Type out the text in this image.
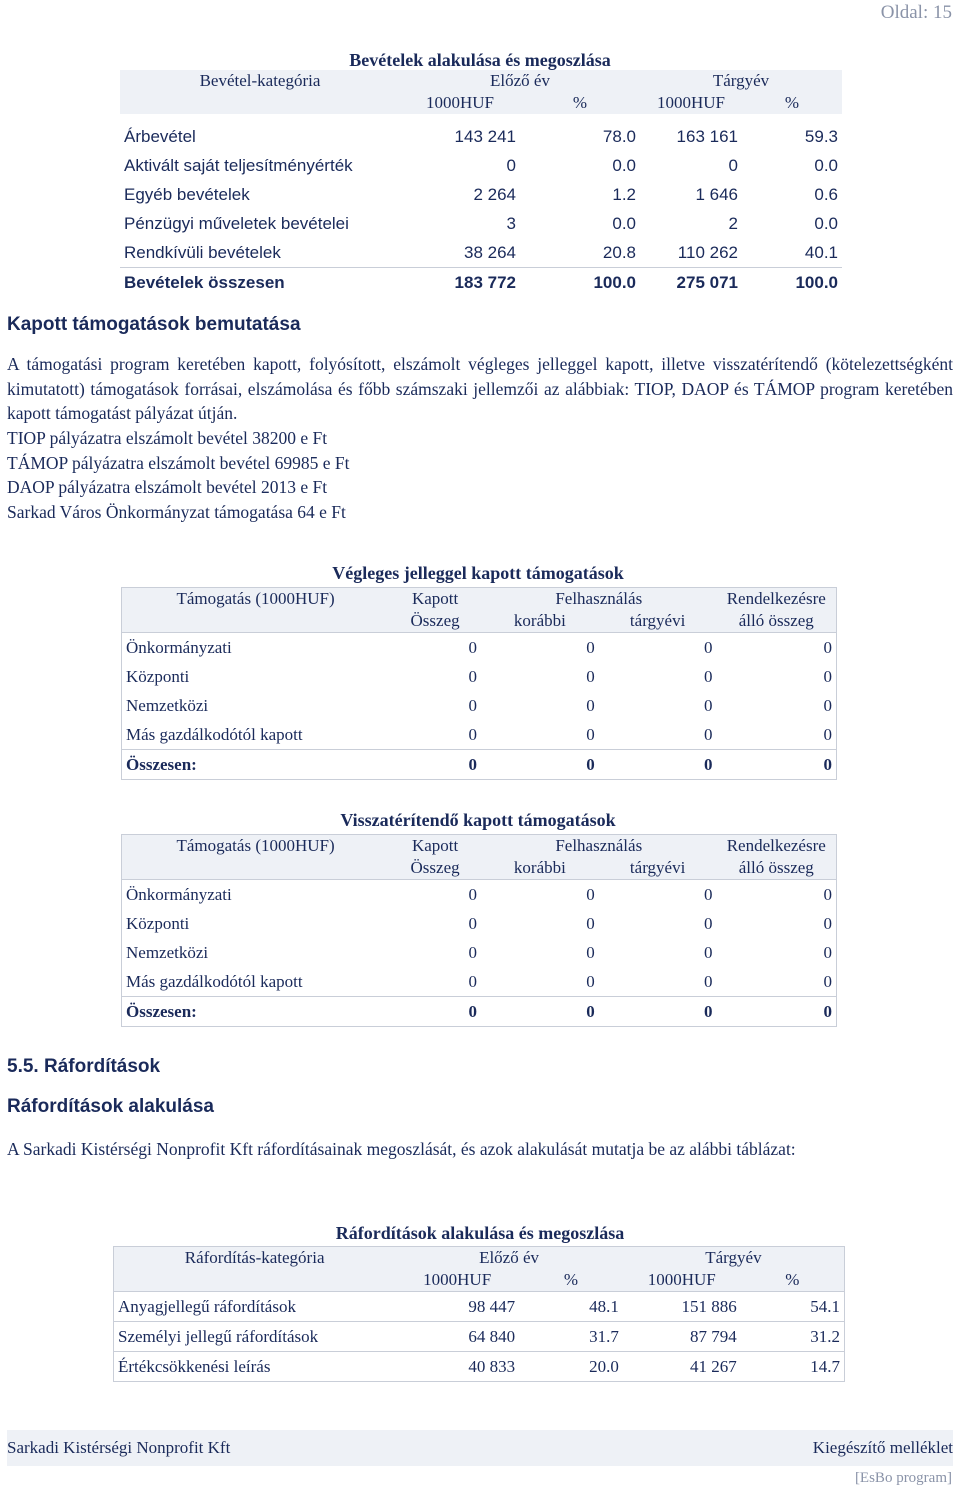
Oldal: 15
Bevételek alakulása és megoszlása
Bevétel-kategória	Előző év		Tárgyév	
	1000HUF	%	1000HUF	%

Árbevétel	143 241	78.0	163 161	59.3
Aktivált saját teljesítményérték	0	0.0	0	0.0
Egyéb bevételek	2 264	1.2	1 646	0.6
Pénzügyi műveletek bevételei	3	0.0	2	0.0
Rendkívüli bevételek	38 264	20.8	110 262	40.1
Bevételek összesen	183 772	100.0	275 071	100.0
Kapott támogatások bemutatása
A támogatási program keretében kapott, folyósított, elszámolt végleges jelleggel kapott, illetve visszatérítendő (kötelezettségként kimutatott) támogatások forrásai, elszámolása és főbb számszaki jellemzői az alábbiak: TIOP, DAOP és TÁMOP program keretében kapott támogatást pályázat útján.
TIOP pályázatra elszámolt bevétel 38200 e Ft
TÁMOP pályázatra elszámolt bevétel 69985 e Ft
DAOP pályázatra elszámolt bevétel 2013 e Ft
Sarkad Város Önkormányzat támogatása 64 e Ft
Végleges jelleggel kapott támogatások
Támogatás (1000HUF)	Kapott	Felhasználás		Rendelkezésre
	Összeg	korábbi	tárgyévi	álló összeg
Önkormányzati	0	0	0	0
Központi	0	0	0	0
Nemzetközi	0	0	0	0
Más gazdálkodótól kapott	0	0	0	0
Összesen:	0	0	0	0
Visszatérítendő kapott támogatások
Támogatás (1000HUF)	Kapott	Felhasználás		Rendelkezésre
	Összeg	korábbi	tárgyévi	álló összeg
Önkormányzati	0	0	0	0
Központi	0	0	0	0
Nemzetközi	0	0	0	0
Más gazdálkodótól kapott	0	0	0	0
Összesen:	0	0	0	0
5.5. Ráfordítások
Ráfordítások alakulása
A Sarkadi Kistérségi Nonprofit Kft ráfordításainak megoszlását, és azok alakulását mutatja be az alábbi táblázat:
Ráfordítások alakulása és megoszlása
Ráfordítás-kategória	Előző év		Tárgyév	
	1000HUF	%	1000HUF	%
Anyagjellegű ráfordítások	98 447	48.1	151 886	54.1
Személyi jellegű ráfordítások	64 840	31.7	87 794	31.2
Értékcsökkenési leírás	40 833	20.0	41 267	14.7
Sarkadi Kistérségi Nonprofit Kft	Kiegészítő melléklet
[EsBo program]
